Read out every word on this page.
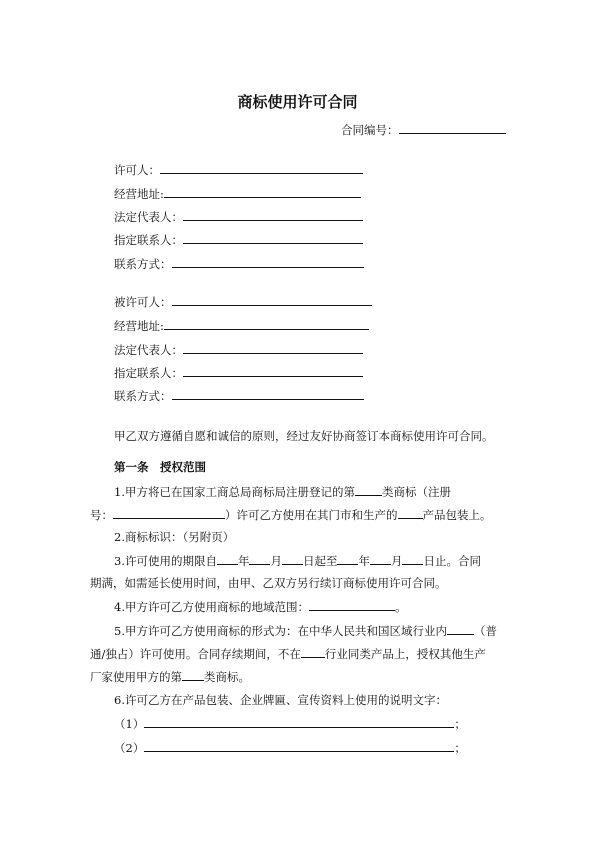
商标使用许可合同
合同编号：
许可人：
经营地址:
法定代表人：
指定联系人：
联系方式：
被许可人：
经营地址:
法定代表人：
指定联系人：
联系方式：
甲乙双方遵循自愿和诚信的原则，经过友好协商签订本商标使用许可合同。
第一条　授权范围
1.甲方将已在国家工商总局商标局注册登记的第 类商标（注册
号：	）许可乙方使用在其门市和生产的 产品包装上。
2.商标标识：（另附页）
3.许可使用的期限自 年 月 日起至 年 月 日止。合同
期满，如需延长使用时间，由甲、乙双方另行续订商标使用许可合同。
4.甲方许可乙方使用商标的地域范围：	。
5.甲方许可乙方使用商标的形式为：在中华人民共和国区域行业内 （普
通/独占）许可使用。合同存续期间，不在 行业同类产品上，授权其他生产
厂家使用甲方的第 类商标。
6.许可乙方在产品包装、企业牌匾、宣传资料上使用的说明文字：
（1）	；
（2）	；
